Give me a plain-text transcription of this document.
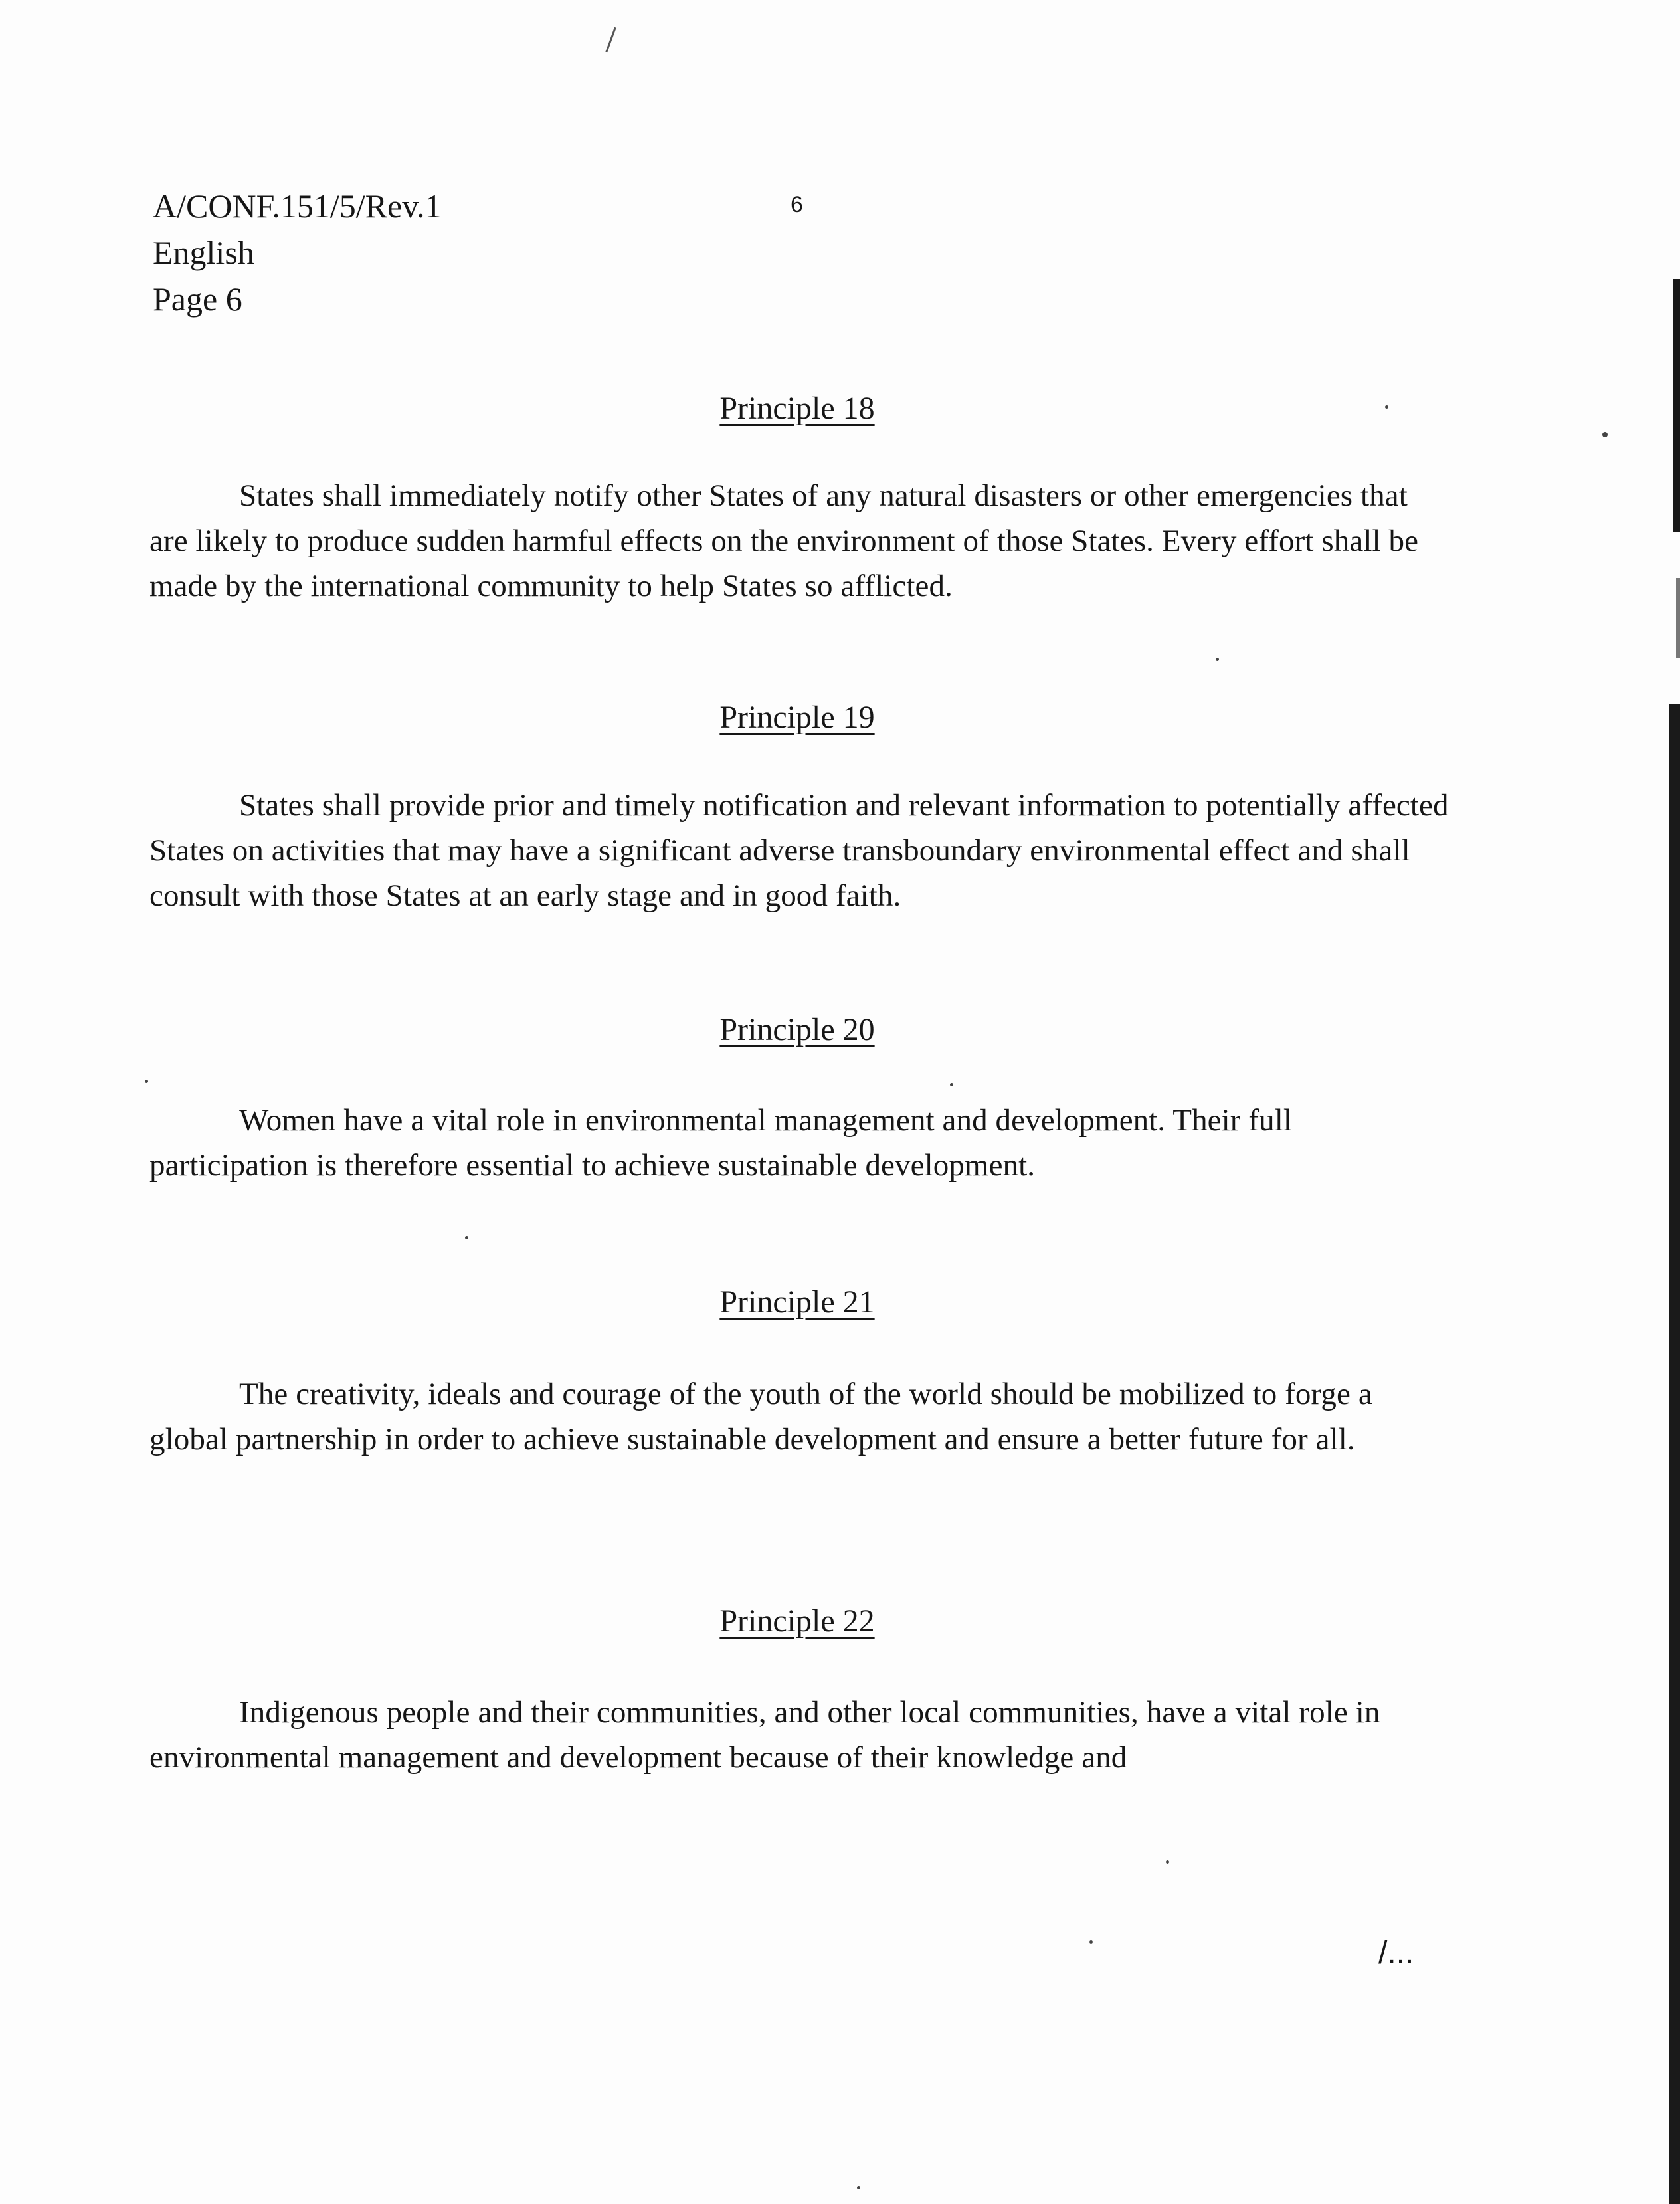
A/CONF.151/5/Rev.1
English
Page 6
6
Principle 18
States shall immediately notify other States of any natural disasters or other emergencies that are likely to produce sudden harmful effects on the environment of those States. Every effort shall be made by the international community to help States so afflicted.
Principle 19
States shall provide prior and timely notification and relevant information to potentially affected States on activities that may have a significant adverse transboundary environmental effect and shall consult with those States at an early stage and in good faith.
Principle 20
Women have a vital role in environmental management and development. Their full participation is therefore essential to achieve sustainable development.
Principle 21
The creativity, ideals and courage of the youth of the world should be mobilized to forge a global partnership in order to achieve sustainable development and ensure a better future for all.
Principle 22
Indigenous people and their communities, and other local communities, have a vital role in environmental management and development because of their knowledge and
/...
